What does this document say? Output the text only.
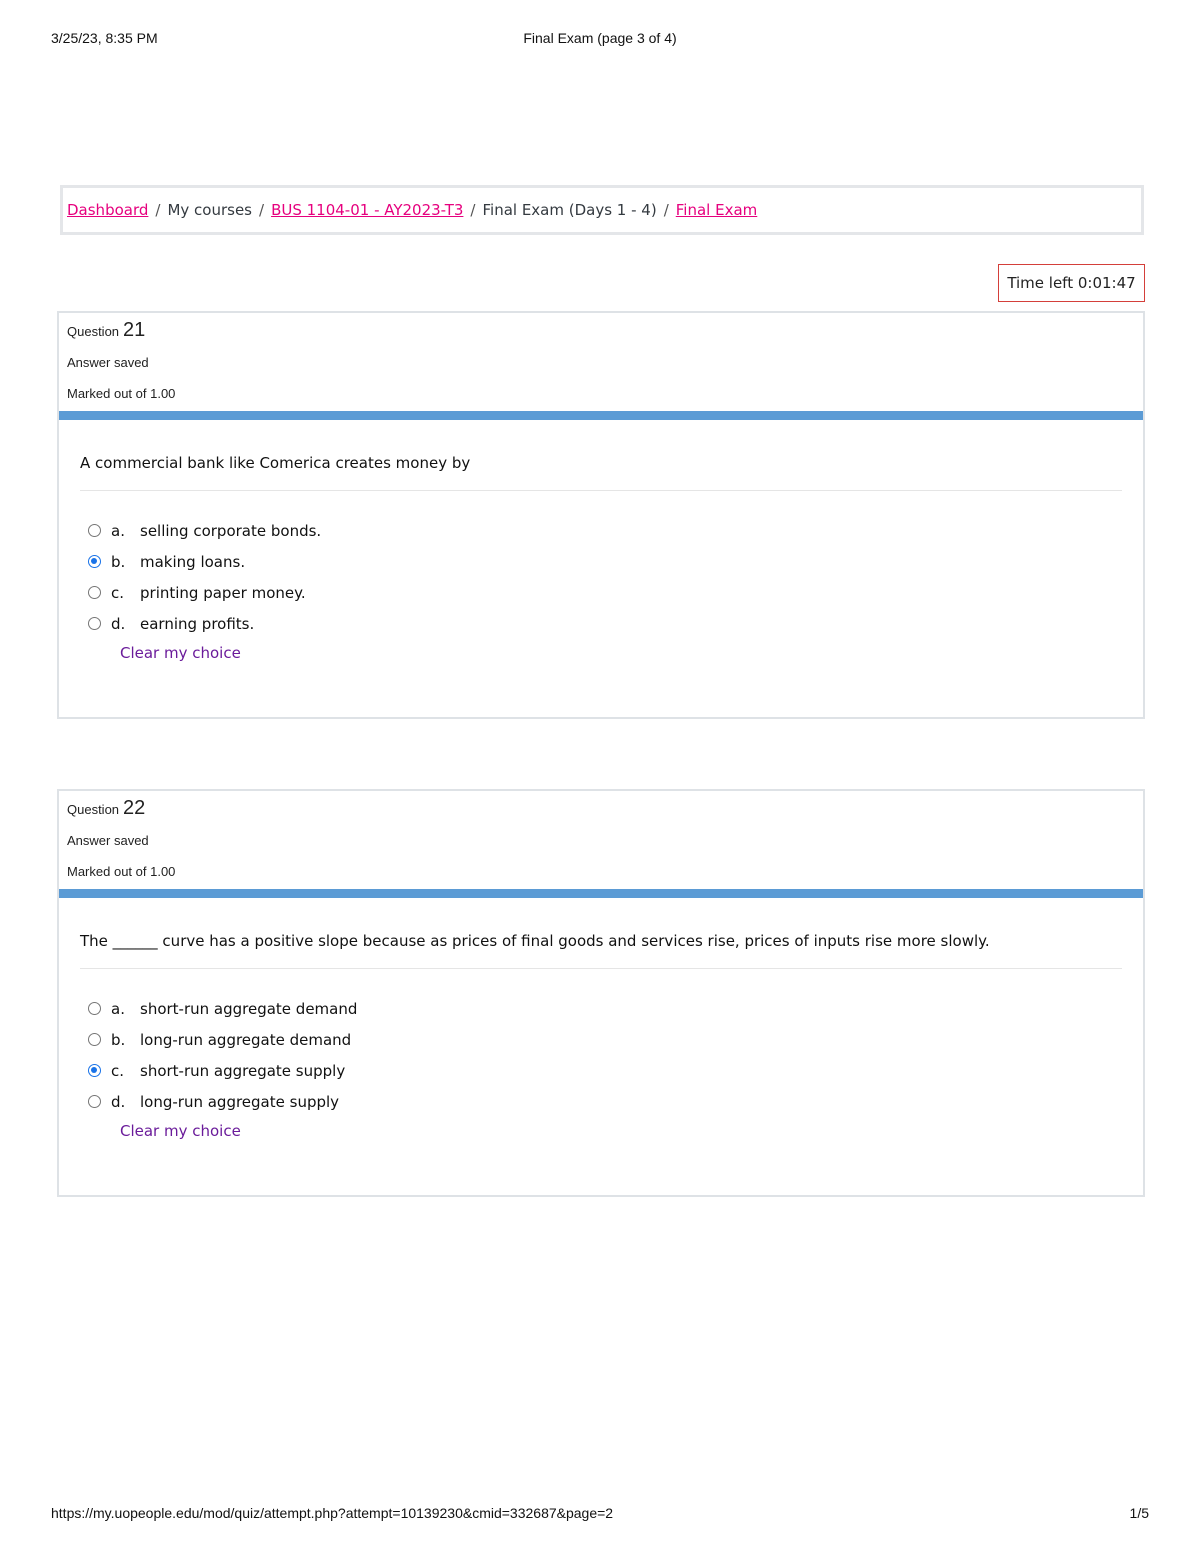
3/25/23, 8:35 PM	Final Exam (page 3 of 4)
Dashboard / My courses / BUS 1104-01 - AY2023-T3 / Final Exam (Days 1 - 4) / Final Exam
Time left 0:01:47
Question 21
Answer saved
Marked out of 1.00
A commercial bank like Comerica creates money by
a.	selling corporate bonds.
b. making loans.
c.	printing paper money.
d. earning profits.
Clear my choice
Question 22
Answer saved
Marked out of 1.00
The ______ curve has a positive slope because as prices of final goods and services rise, prices of inputs rise more slowly.
a.	short-run aggregate demand
b. long-run aggregate demand
c.	short-run aggregate supply
d. long-run aggregate supply
Clear my choice
https://my.uopeople.edu/mod/quiz/attempt.php?attempt=10139230&cmid=332687&page=2	1/5
